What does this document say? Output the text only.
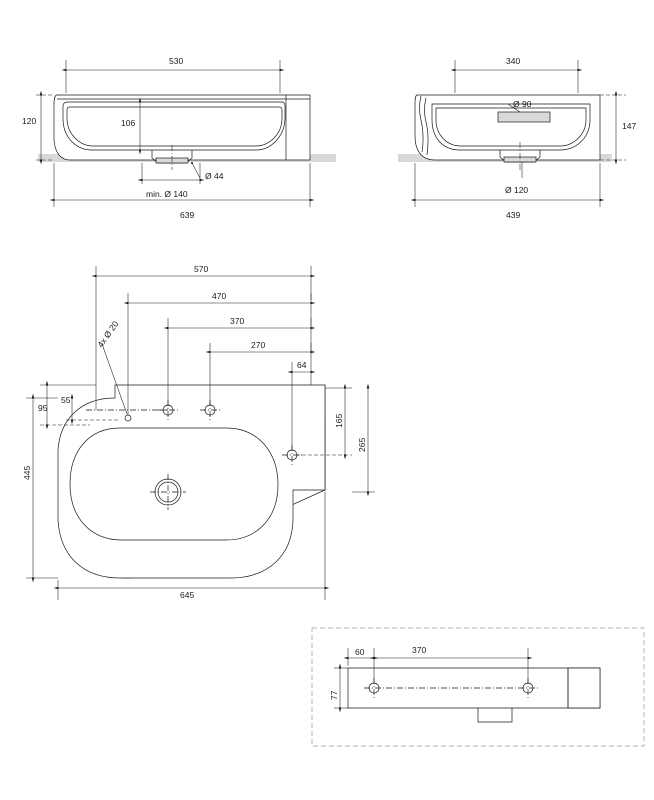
530
639
120	106
Ø 44
min. Ø 140
340
439
147
Ø 90
Ø 120
570
470
370
270
64
4x Ø 20
95
55
445
645
165
265
60	370
77
